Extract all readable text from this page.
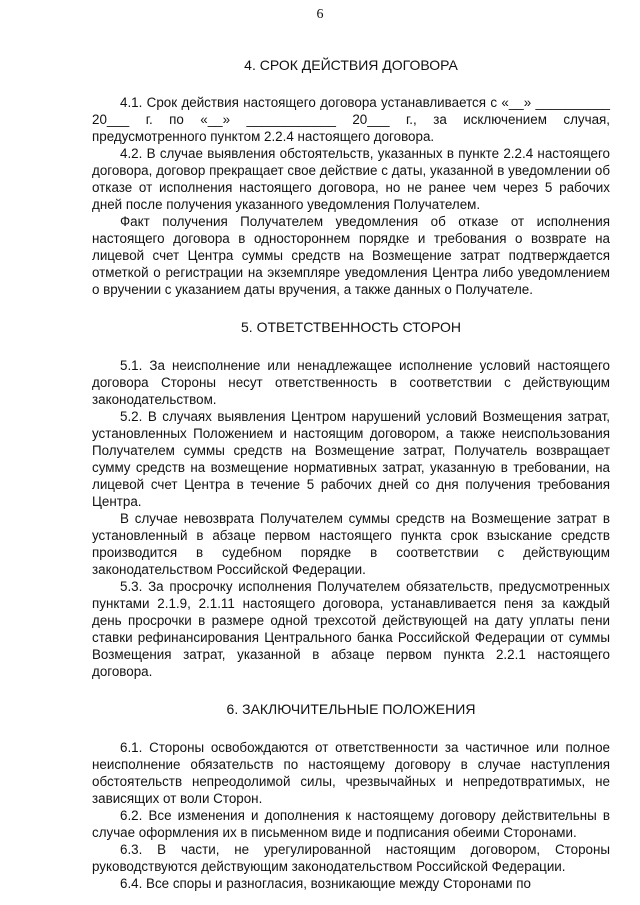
6
4. СРОК ДЕЙСТВИЯ ДОГОВОРА

4.1. Срок действия настоящего договора устанавливается с «__» __________ 20___ г. по «__» ____________ 20___ г., за исключением случая, предусмотренного пунктом 2.2.4 настоящего договора.

4.2. В случае выявления обстоятельств, указанных в пункте 2.2.4 настоящего договора, договор прекращает свое действие с даты, указанной в уведомлении об отказе от исполнения настоящего договора, но не ранее чем через 5 рабочих дней после получения указанного уведомления Получателем.

Факт получения Получателем уведомления об отказе от исполнения настоящего договора в одностороннем порядке и требования о возврате на лицевой счет Центра суммы средств на Возмещение затрат подтверждается отметкой о регистрации на экземпляре уведомления Центра либо уведомлением о вручении с указанием даты вручения, а также данных о Получателе.

5. ОТВЕТСТВЕННОСТЬ СТОРОН

5.1. За неисполнение или ненадлежащее исполнение условий настоящего договора Стороны несут ответственность в соответствии с действующим законодательством.

5.2. В случаях выявления Центром нарушений условий Возмещения затрат, установленных Положением и настоящим договором, а также неиспользования Получателем суммы средств на Возмещение затрат, Получатель возвращает сумму средств на возмещение нормативных затрат, указанную в требовании, на лицевой счет Центра в течение 5 рабочих дней со дня получения требования Центра.

В случае невозврата Получателем суммы средств на Возмещение затрат в установленный в абзаце первом настоящего пункта срок взыскание средств производится в судебном порядке в соответствии с действующим законодательством Российской Федерации.

5.3. За просрочку исполнения Получателем обязательств, предусмотренных пунктами 2.1.9, 2.1.11 настоящего договора, устанавливается пеня за каждый день просрочки в размере одной трехсотой действующей на дату уплаты пени ставки рефинансирования Центрального банка Российской Федерации от суммы Возмещения затрат, указанной в абзаце первом пункта 2.2.1 настоящего договора.

6. ЗАКЛЮЧИТЕЛЬНЫЕ ПОЛОЖЕНИЯ

6.1. Стороны освобождаются от ответственности за частичное или полное неисполнение обязательств по настоящему договору в случае наступления обстоятельств непреодолимой силы, чрезвычайных и непредотвратимых, не зависящих от воли Сторон.

6.2. Все изменения и дополнения к настоящему договору действительны в случае оформления их в письменном виде и подписания обеими Сторонами.

6.3. В части, не урегулированной настоящим договором, Стороны руководствуются действующим законодательством Российской Федерации.

6.4. Все споры и разногласия, возникающие между Сторонами по
